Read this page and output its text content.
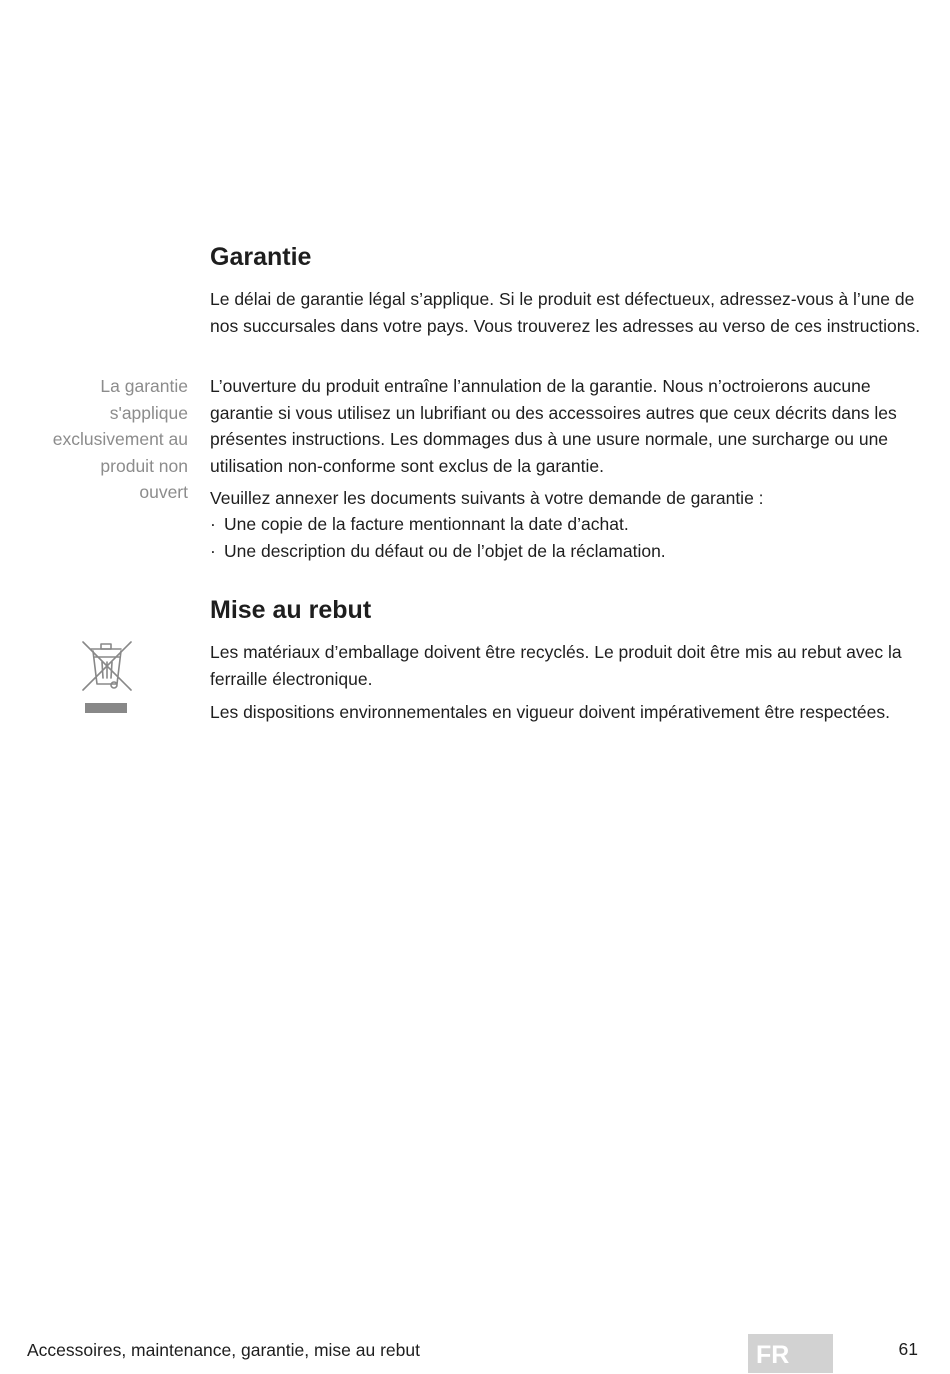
Garantie

Le délai de garantie légal s’applique. Si le produit est défectueux, adressez-vous à l’une de nos succursales dans votre pays. Vous trouverez les adresses au verso de ces instructions.

La garantie
s'applique
exclusivement au
produit non
ouvert

L’ouverture du produit entraîne l’annulation de la garantie. Nous n’octroierons aucune garantie si vous utilisez un lubrifiant ou des accessoires autres que ceux décrits dans les présentes instructions. Les dommages dus à une usure normale, une surcharge ou une utilisation non-conforme sont exclus de la garantie.

Veuillez annexer les documents suivants à votre demande de garantie :

· Une copie de la facture mentionnant la date d’achat.

· Une description du défaut ou de l’objet de la réclamation.

Mise au rebut

Les matériaux d’emballage doivent être recyclés. Le produit doit être mis au rebut avec la ferraille électronique.

Les dispositions environnementales en vigueur doivent impérativement être respectées.

Accessoires, maintenance, garantie, mise au rebut	FR	61
